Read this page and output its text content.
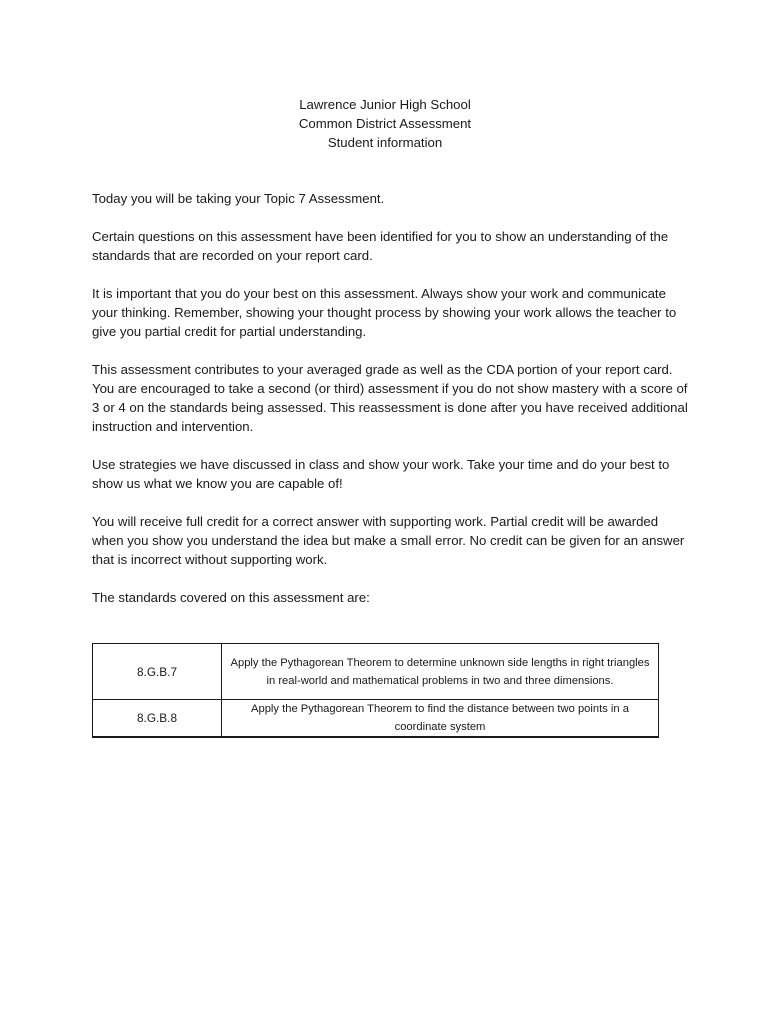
Lawrence Junior High School
Common District Assessment
Student information

Today you will be taking your Topic 7 Assessment.

Certain questions on this assessment have been identified for you to show an understanding of the standards that are recorded on your report card.

It is important that you do your best on this assessment. Always show your work and communicate your thinking. Remember, showing your thought process by showing your work allows the teacher to give you partial credit for partial understanding.

This assessment contributes to your averaged grade as well as the CDA portion of your report card. You are encouraged to take a second (or third) assessment if you do not show mastery with a score of 3 or 4 on the standards being assessed. This reassessment is done after you have received additional instruction and intervention.

Use strategies we have discussed in class and show your work. Take your time and do your best to show us what we know you are capable of!

You will receive full credit for a correct answer with supporting work. Partial credit will be awarded when you show you understand the idea but make a small error. No credit can be given for an answer that is incorrect without supporting work.

The standards covered on this assessment are:

8.G.B.7	Apply the Pythagorean Theorem to determine unknown side lengths in right triangles in real-world and mathematical problems in two and three dimensions.
8.G.B.8	Apply the Pythagorean Theorem to find the distance between two points in a coordinate system
